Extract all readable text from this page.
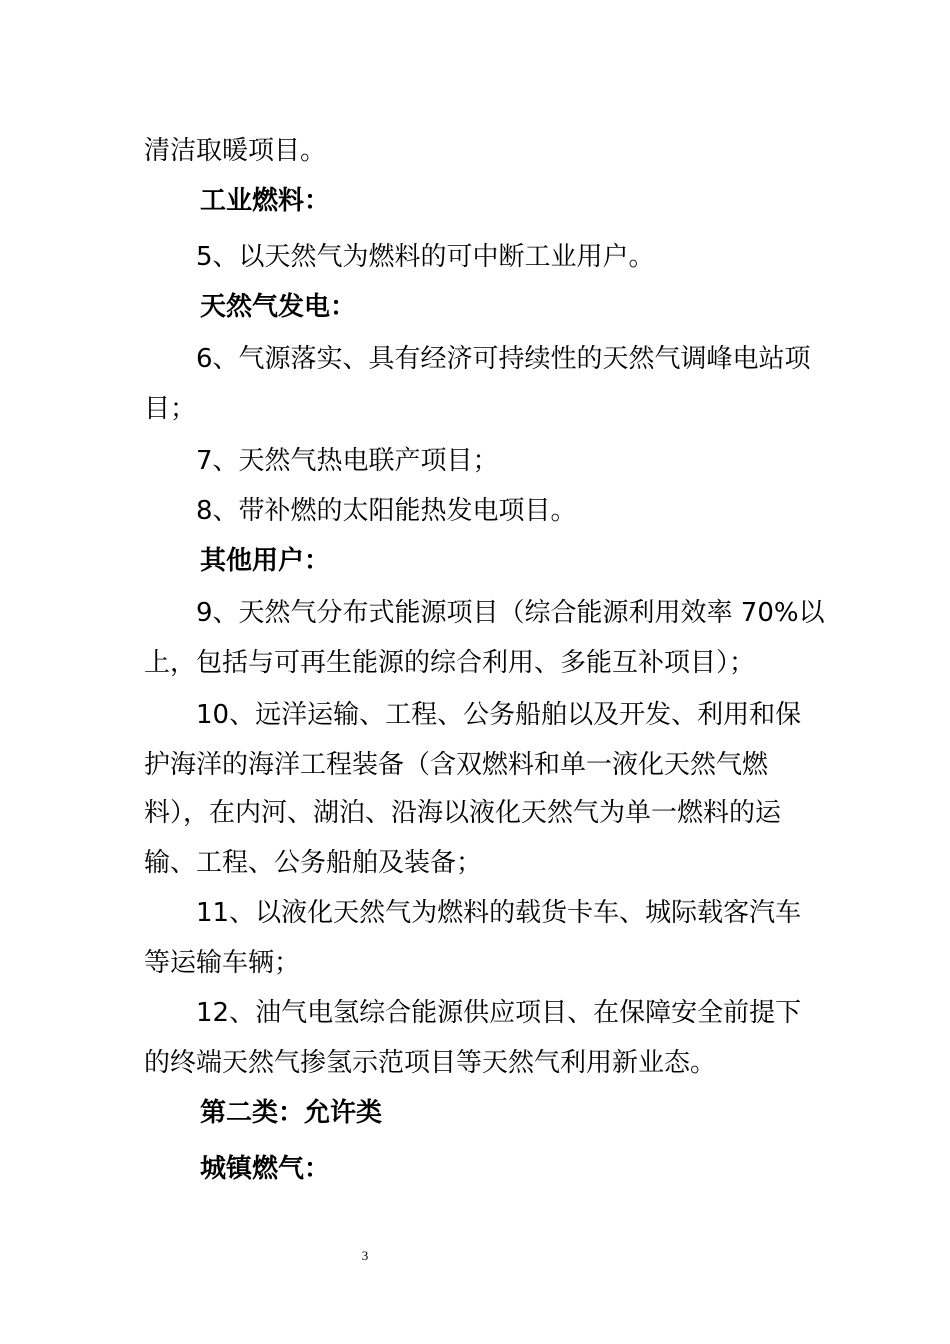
清洁取暖项目。
工业燃料：
5、以天然气为燃料的可中断工业用户。
天然气发电：
6、气源落实、具有经济可持续性的天然气调峰电站项
目；
7、天然气热电联产项目；
8、带补燃的太阳能热发电项目。
其他用户：
9、天然气分布式能源项目（综合能源利用效率 70%以
上，包括与可再生能源的综合利用、多能互补项目）；
10、远洋运输、工程、公务船舶以及开发、利用和保
护海洋的海洋工程装备（含双燃料和单一液化天然气燃
料），在内河、湖泊、沿海以液化天然气为单一燃料的运
输、工程、公务船舶及装备；
11、以液化天然气为燃料的载货卡车、城际载客汽车
等运输车辆；
12、油气电氢综合能源供应项目、在保障安全前提下
的终端天然气掺氢示范项目等天然气利用新业态。
第二类：允许类
城镇燃气：
3
